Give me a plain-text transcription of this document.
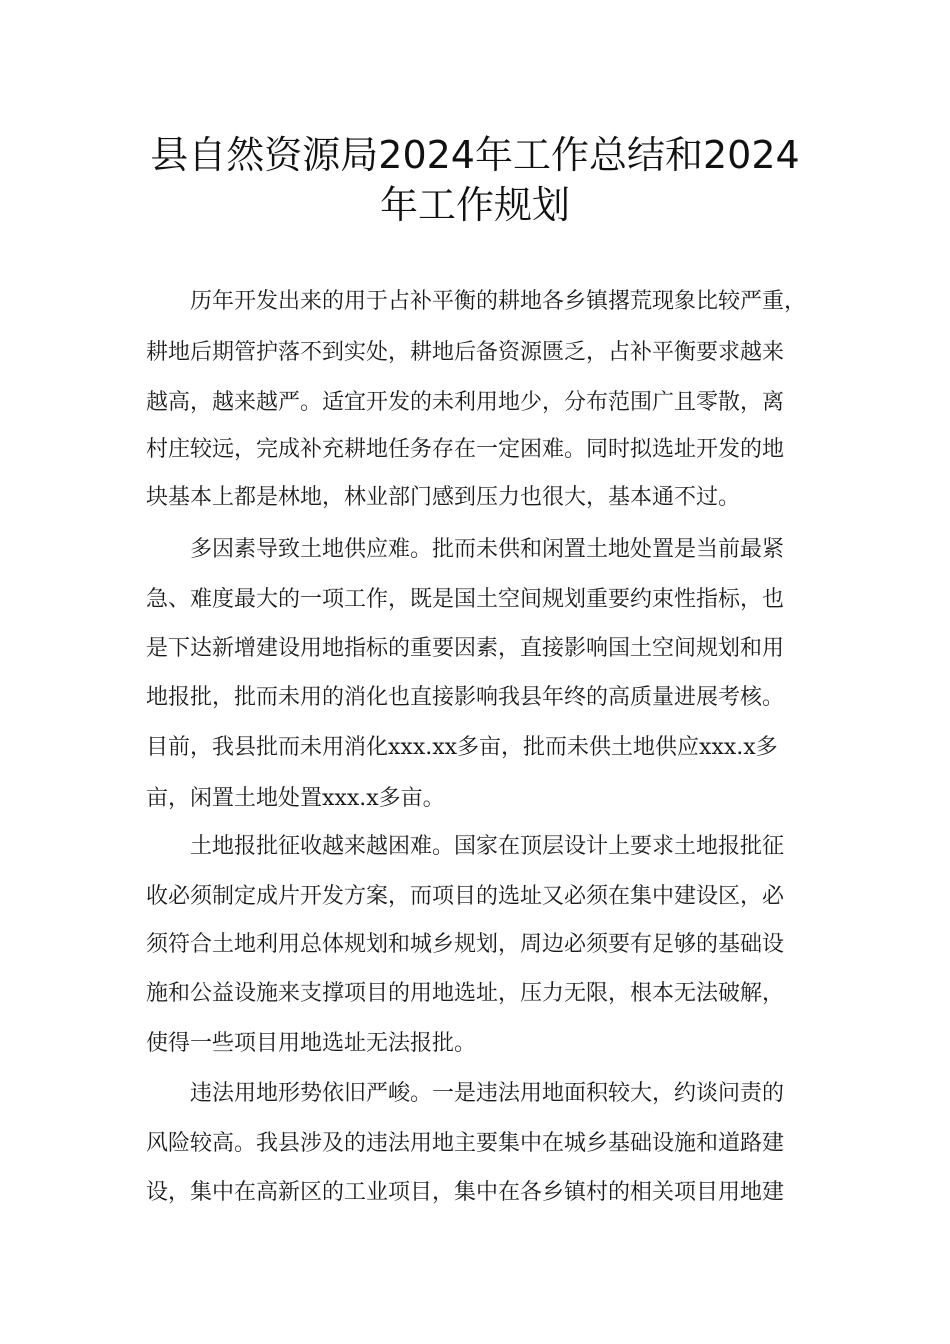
县自然资源局2024年工作总结和2024
年工作规划

历年开发出来的用于占补平衡的耕地各乡镇撂荒现象比较严重，

耕地后期管护落不到实处，耕地后备资源匮乏，占补平衡要求越来

越高，越来越严。适宜开发的未利用地少，分布范围广且零散，离

村庄较远，完成补充耕地任务存在一定困难。同时拟选址开发的地

块基本上都是林地，林业部门感到压力也很大，基本通不过。

多因素导致土地供应难。批而未供和闲置土地处置是当前最紧

急、难度最大的一项工作，既是国土空间规划重要约束性指标，也

是下达新增建设用地指标的重要因素，直接影响国土空间规划和用

地报批，批而未用的消化也直接影响我县年终的高质量进展考核。

目前，我县批而未用消化xxx.xx多亩，批而未供土地供应xxx.x多

亩，闲置土地处置xxx.x多亩。

土地报批征收越来越困难。国家在顶层设计上要求土地报批征

收必须制定成片开发方案，而项目的选址又必须在集中建设区，必

须符合土地利用总体规划和城乡规划，周边必须要有足够的基础设

施和公益设施来支撑项目的用地选址，压力无限，根本无法破解，

使得一些项目用地选址无法报批。

违法用地形势依旧严峻。一是违法用地面积较大，约谈问责的

风险较高。我县涉及的违法用地主要集中在城乡基础设施和道路建

设，集中在高新区的工业项目，集中在各乡镇村的相关项目用地建
